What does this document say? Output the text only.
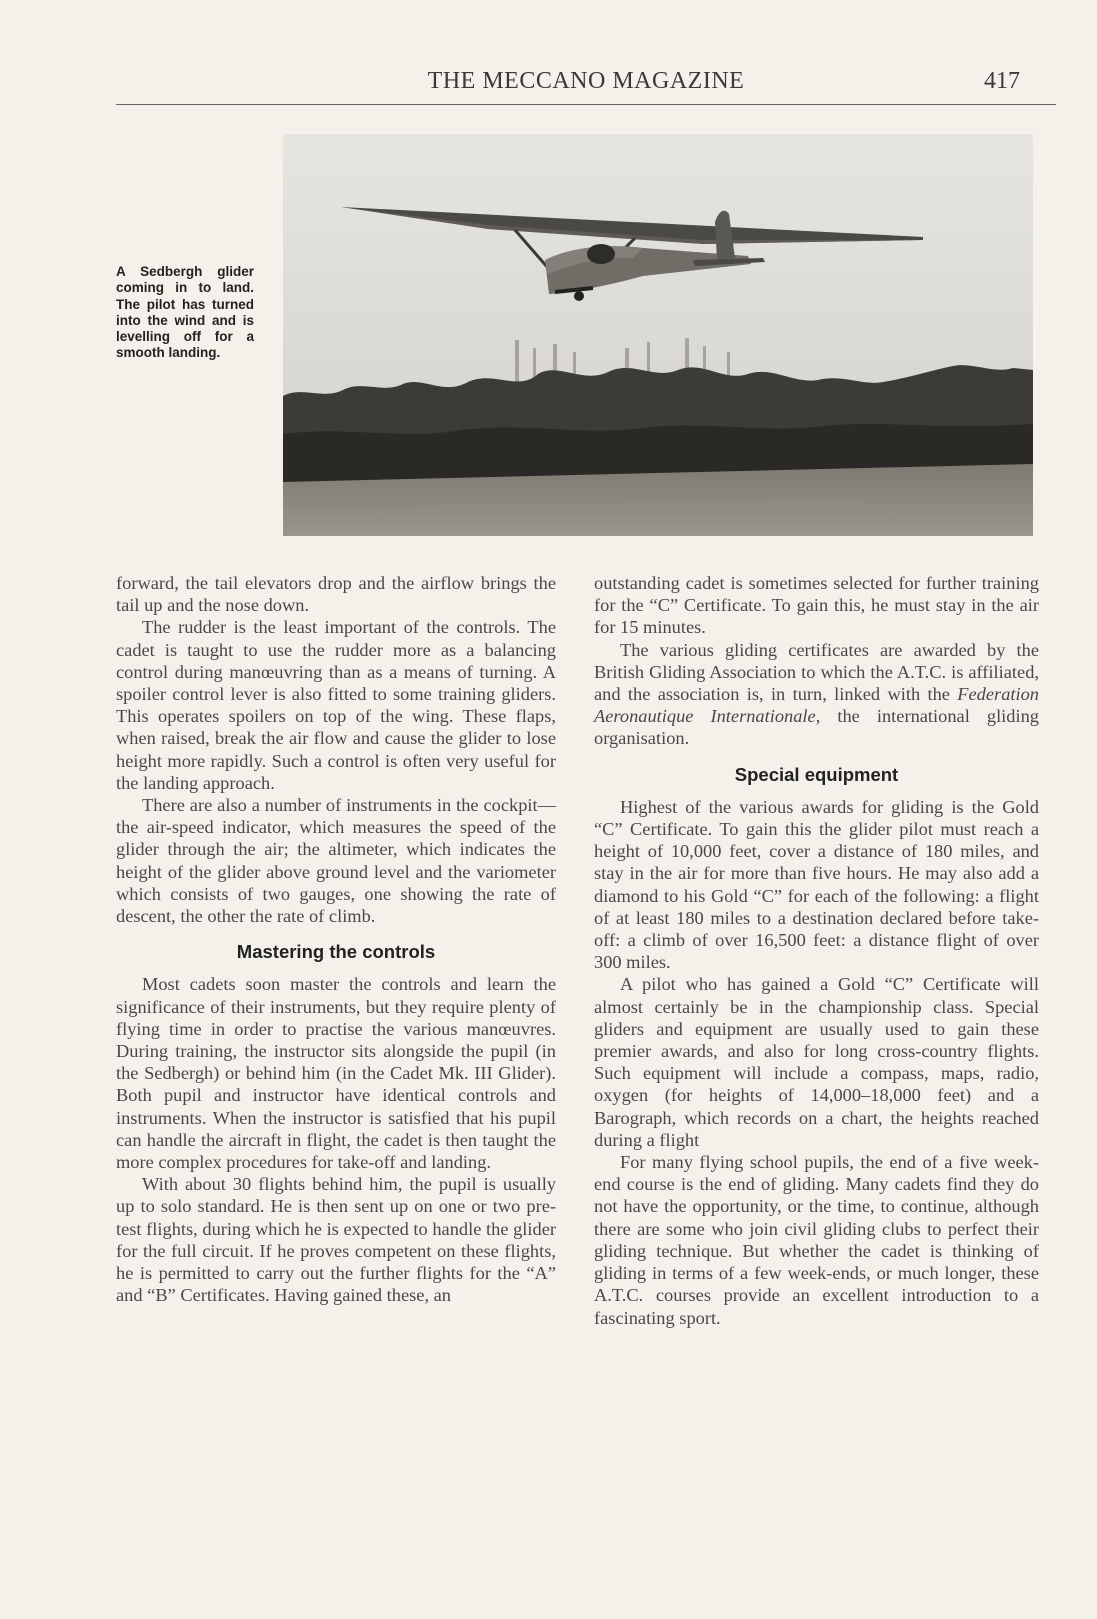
THE MECCANO MAGAZINE	417
A Sedbergh glider coming in to land. The pilot has turned into the wind and is levelling off for a smooth landing.

forward, the tail elevators drop and the airflow brings the tail up and the nose down.

The rudder is the least important of the controls. The cadet is taught to use the rudder more as a balancing control during manœuvring than as a means of turning. A spoiler control lever is also fitted to some training gliders. This operates spoilers on top of the wing. These flaps, when raised, break the air flow and cause the glider to lose height more rapidly. Such a control is often very useful for the landing approach.

There are also a number of instruments in the cockpit—the air-speed indicator, which measures the speed of the glider through the air; the altimeter, which indicates the height of the glider above ground level and the variometer which consists of two gauges, one showing the rate of descent, the other the rate of climb.

Mastering the controls

Most cadets soon master the controls and learn the significance of their instruments, but they require plenty of flying time in order to practise the various manœuvres. During training, the instructor sits alongside the pupil (in the Sedbergh) or behind him (in the Cadet Mk. III Glider). Both pupil and instructor have identical controls and instruments. When the instructor is satisfied that his pupil can handle the aircraft in flight, the cadet is then taught the more complex procedures for take-off and landing.

With about 30 flights behind him, the pupil is usually up to solo standard. He is then sent up on one or two pre-test flights, during which he is expected to handle the glider for the full circuit. If he proves competent on these flights, he is permitted to carry out the further flights for the “A” and “B” Certificates. Having gained these, an

outstanding cadet is sometimes selected for further training for the “C” Certificate. To gain this, he must stay in the air for 15 minutes.

The various gliding certificates are awarded by the British Gliding Association to which the A.T.C. is affiliated, and the association is, in turn, linked with the Federation Aeronautique Internationale, the international gliding organisation.

Special equipment

Highest of the various awards for gliding is the Gold “C” Certificate. To gain this the glider pilot must reach a height of 10,000 feet, cover a distance of 180 miles, and stay in the air for more than five hours. He may also add a diamond to his Gold “C” for each of the following: a flight of at least 180 miles to a destination declared before take-off: a climb of over 16,500 feet: a distance flight of over 300 miles.

A pilot who has gained a Gold “C” Certificate will almost certainly be in the championship class. Special gliders and equipment are usually used to gain these premier awards, and also for long cross-country flights. Such equipment will include a compass, maps, radio, oxygen (for heights of 14,000–18,000 feet) and a Barograph, which records on a chart, the heights reached during a flight

For many flying school pupils, the end of a five week-end course is the end of gliding. Many cadets find they do not have the opportunity, or the time, to continue, although there are some who join civil gliding clubs to perfect their gliding technique. But whether the cadet is thinking of gliding in terms of a few week-ends, or much longer, these A.T.C. courses provide an excellent introduction to a fascinating sport.
